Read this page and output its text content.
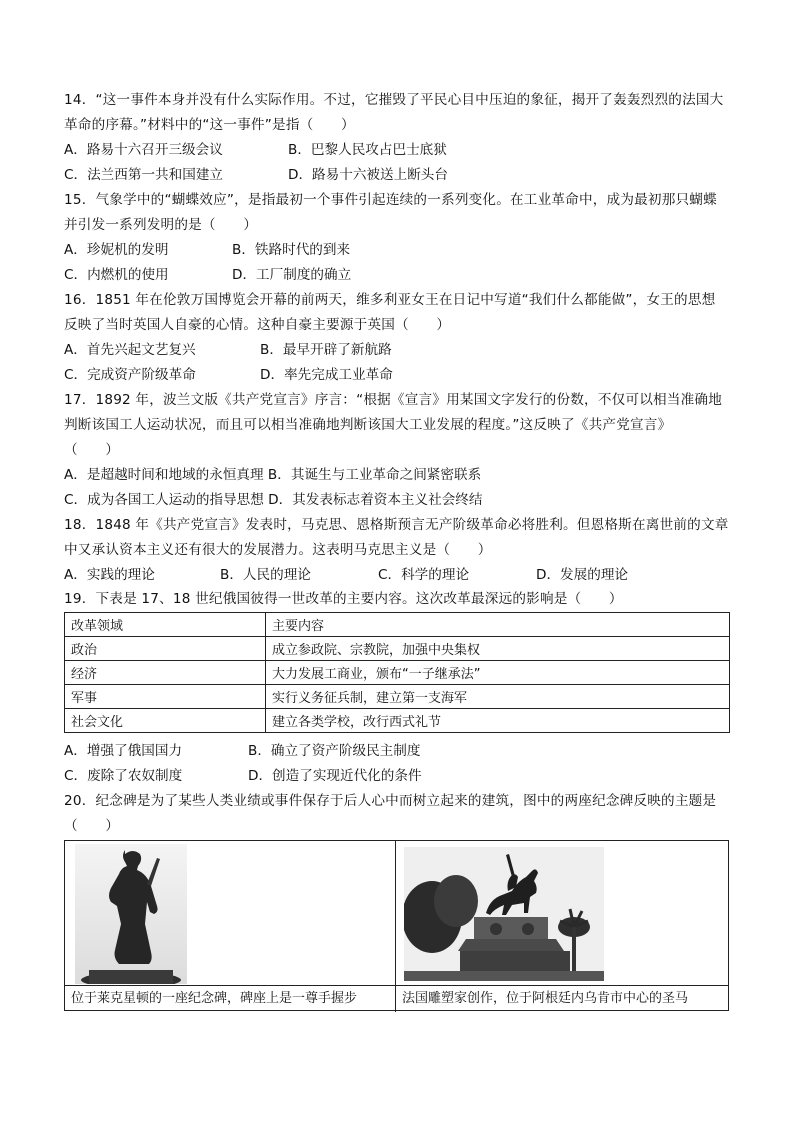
14．“这一事件本身并没有什么实际作用。不过，它摧毁了平民心目中压迫的象征，揭开了轰轰烈烈的法国大
革命的序幕。”材料中的“这一事件”是指（　　）
A．路易十六召开三级会议	B．巴黎人民攻占巴士底狱
C．法兰西第一共和国建立	D．路易十六被送上断头台
15．气象学中的“蝴蝶效应”，是指最初一个事件引起连续的一系列变化。在工业革命中，成为最初那只蝴蝶
并引发一系列发明的是（　　）
A．珍妮机的发明	B．铁路时代的到来
C．内燃机的使用	D．工厂制度的确立
16．1851 年在伦敦万国博览会开幕的前两天，维多利亚女王在日记中写道“我们什么都能做”，女王的思想
反映了当时英国人自豪的心情。这种自豪主要源于英国（　　）
A．首先兴起文艺复兴	B．最早开辟了新航路
C．完成资产阶级革命	D．率先完成工业革命
17．1892 年，波兰文版《共产党宣言》序言：“根据《宣言》用某国文字发行的份数，不仅可以相当准确地
判断该国工人运动状况，而且可以相当准确地判断该国大工业发展的程度。”这反映了《共产党宣言》
（　　）
A．是超越时间和地域的永恒真理 B．其诞生与工业革命之间紧密联系
C．成为各国工人运动的指导思想 D．其发表标志着资本主义社会终结
18．1848 年《共产党宣言》发表时，马克思、恩格斯预言无产阶级革命必将胜利。但恩格斯在离世前的文章
中又承认资本主义还有很大的发展潜力。这表明马克思主义是（　　）
A．实践的理论	B．人民的理论	C．科学的理论	D．发展的理论
19．下表是 17、18 世纪俄国彼得一世改革的主要内容。这次改革最深远的影响是（　　）
改革领域	主要内容
政治	成立参政院、宗教院，加强中央集权
经济	大力发展工商业，颁布“一子继承法”
军事	实行义务征兵制，建立第一支海军
社会文化	建立各类学校，改行西式礼节
A．增强了俄国国力	B．确立了资产阶级民主制度
C．废除了农奴制度	D．创造了实现近代化的条件
20．纪念碑是为了某些人类业绩或事件保存于后人心中而树立起来的建筑，图中的两座纪念碑反映的主题是
（　　）
位于莱克星顿的一座纪念碑，碑座上是一尊手握步	法国雕塑家创作，位于阿根廷内乌肯市中心的圣马
